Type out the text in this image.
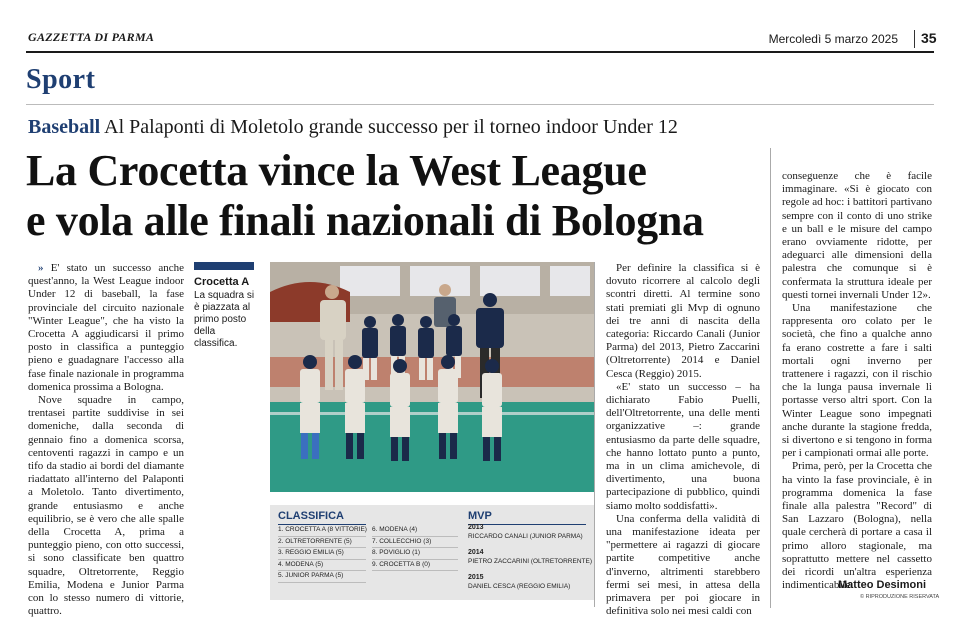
GAZZETTA DI PARMA	Mercoledì 5 marzo 2025	35
Sport
Baseball Al Palaponti di Moletolo grande successo per il torneo indoor Under 12
La Crocetta vince la West League
e vola alle finali nazionali di Bologna

» E' stato un successo anche quest'anno, la West League indoor Under 12 di baseball, la fase provinciale del circuito nazionale "Winter League", che ha visto la Crocetta A aggiudicarsi il primo posto in classifica a punteggio pieno e guadagnare l'accesso alla fase finale nazionale in programma domenica prossima a Bologna.

Nove squadre in campo, trentasei partite suddivise in sei domeniche, dalla seconda di gennaio fino a domenica scorsa, centoventi ragazzi in campo e un tifo da stadio ai bordi del diamante riadattato all'interno del Palaponti a Moletolo. Tanto divertimento, grande entusiasmo e anche equilibrio, se è vero che alle spalle della Crocetta A, prima a punteggio pieno, con otto successi, si sono classificate ben quattro squadre, Oltretorrente, Reggio Emilia, Modena e Junior Parma con lo stesso numero di vittorie, quattro.

Crocetta A
La squadra si è piazzata al primo posto della classifica.
CLASSIFICA
1. CROCETTA A (8 VITTORIE)
2. OLTRETORRENTE (5)
3. REGGIO EMILIA (5)
4. MODENA (5)
5. JUNIOR PARMA (5)
6. MODENA (4)
7. COLLECCHIO (3)
8. POVIGLIO (1)
9. CROCETTA B (0)
MVP
2013
RICCARDO CANALI (JUNIOR PARMA)
2014
PIETRO ZACCARINI (OLTRETORRENTE)
2015
DANIEL CESCA (REGGIO EMILIA)

Per definire la classifica si è dovuto ricorrere al calcolo degli scontri diretti. Al termine sono stati premiati gli Mvp di ognuno dei tre anni di nascita della categoria: Riccardo Canali (Junior Parma) del 2013, Pietro Zaccarini (Oltretorrente) 2014 e Daniel Cesca (Reggio) 2015.

«E' stato un successo – ha dichiarato Fabio Puelli, dell'Oltretorrente, una delle menti organizzative –: grande entusiasmo da parte delle squadre, che hanno lottato punto a punto, ma in un clima amichevole, di divertimento, una buona partecipazione di pubblico, quindi siamo molto soddisfatti».

Una conferma della validità di una manifestazione ideata per "permettere ai ragazzi di giocare partite competitive anche d'inverno, altrimenti starebbero fermi sei mesi, in attesa della primavera per poi giocare in definitiva solo nei mesi caldi con

conseguenze che è facile immaginare. «Si è giocato con regole ad hoc: i battitori partivano sempre con il conto di uno strike e un ball e le misure del campo erano ovviamente ridotte, per adeguarci alle dimensioni della palestra che comunque si è confermata la struttura ideale per questi tornei invernali Under 12».

Una manifestazione che rappresenta oro colato per le società, che fino a qualche anno fa erano costrette a fare i salti mortali ogni inverno per trattenere i ragazzi, con il rischio che la lunga pausa invernale li portasse verso altri sport. Con la Winter League sono impegnati anche durante la stagione fredda, si divertono e si tengono in forma per i campionati ormai alle porte.

Prima, però, per la Crocetta che ha vinto la fase provinciale, è in programma domenica la fase finale alla palestra "Record" di San Lazzaro (Bologna), nella quale cercherà di portare a casa il primo alloro stagionale, ma soprattutto mettere nel cassetto dei ricordi un'altra esperienza indimenticabile.

Matteo Desimoni
© RIPRODUZIONE RISERVATA
